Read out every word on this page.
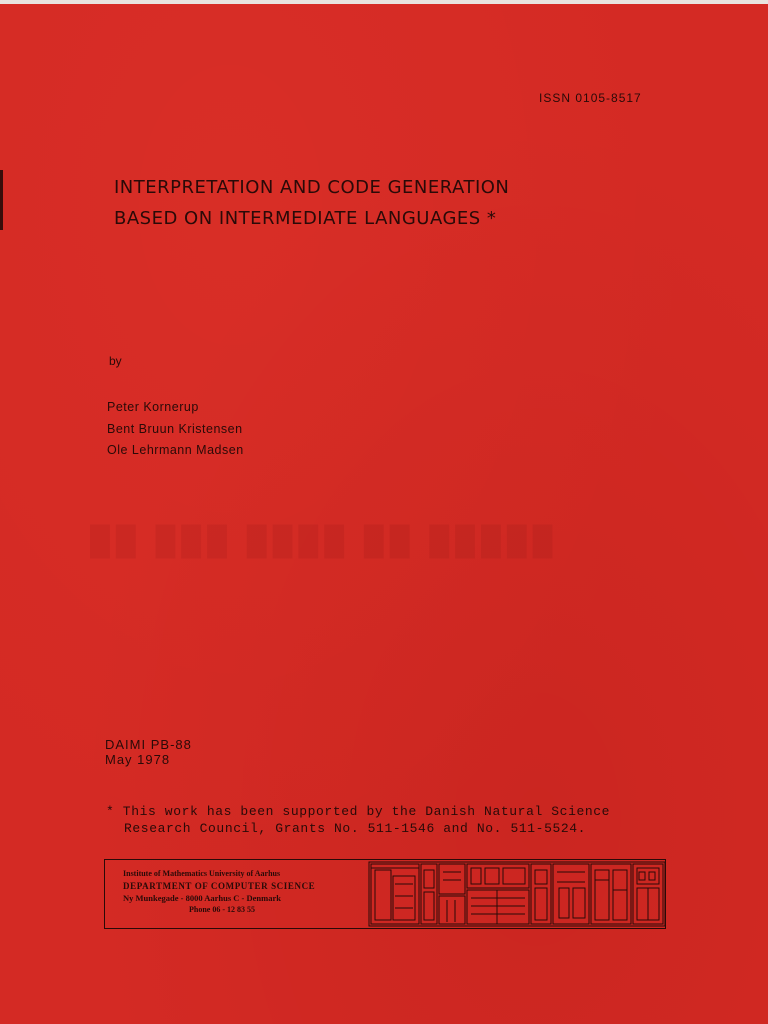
██ ███ ████ ██ █████
ISSN 0105-8517
INTERPRETATION AND CODE GENERATION
BASED ON INTERMEDIATE LANGUAGES *
by
Peter Kornerup
Bent Bruun Kristensen
Ole Lehrmann Madsen
DAIMI PB-88
May 1978
* This work has been supported by the Danish Natural Science
Research Council, Grants No. 511-1546 and No. 511-5524.
Institute of Mathematics University of Aarhus
DEPARTMENT OF COMPUTER SCIENCE
Ny Munkegade - 8000 Aarhus C - Denmark
Phone 06 - 12 83 55
